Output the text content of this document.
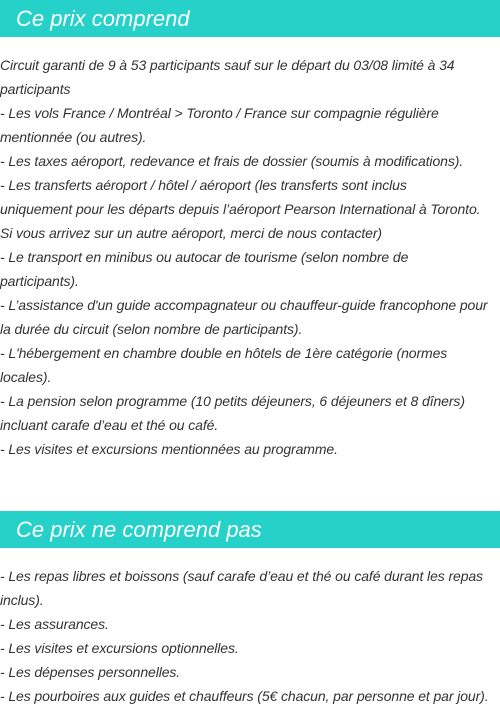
Ce prix comprend
Circuit garanti de 9 à 53 participants sauf sur le départ du 03/08 limité à 34
participants
- Les vols France / Montréal > Toronto / France sur compagnie régulière
mentionnée (ou autres).
- Les taxes aéroport, redevance et frais de dossier (soumis à modifications).
- Les transferts aéroport / hôtel / aéroport (les transferts sont inclus
uniquement pour les départs depuis l’aéroport Pearson International à Toronto.
Si vous arrivez sur un autre aéroport, merci de nous contacter)
- Le transport en minibus ou autocar de tourisme (selon nombre de
participants).
- L’assistance d'un guide accompagnateur ou chauffeur-guide francophone pour
la durée du circuit (selon nombre de participants).
- L'hébergement en chambre double en hôtels de 1ère catégorie (normes
locales).
- La pension selon programme (10 petits déjeuners, 6 déjeuners et 8 dîners)
incluant carafe d’eau et thé ou café.
- Les visites et excursions mentionnées au programme.
Ce prix ne comprend pas
- Les repas libres et boissons (sauf carafe d’eau et thé ou café durant les repas
inclus).
- Les assurances.
- Les visites et excursions optionnelles.
- Les dépenses personnelles.
- Les pourboires aux guides et chauffeurs (5€ chacun, par personne et par jour).
